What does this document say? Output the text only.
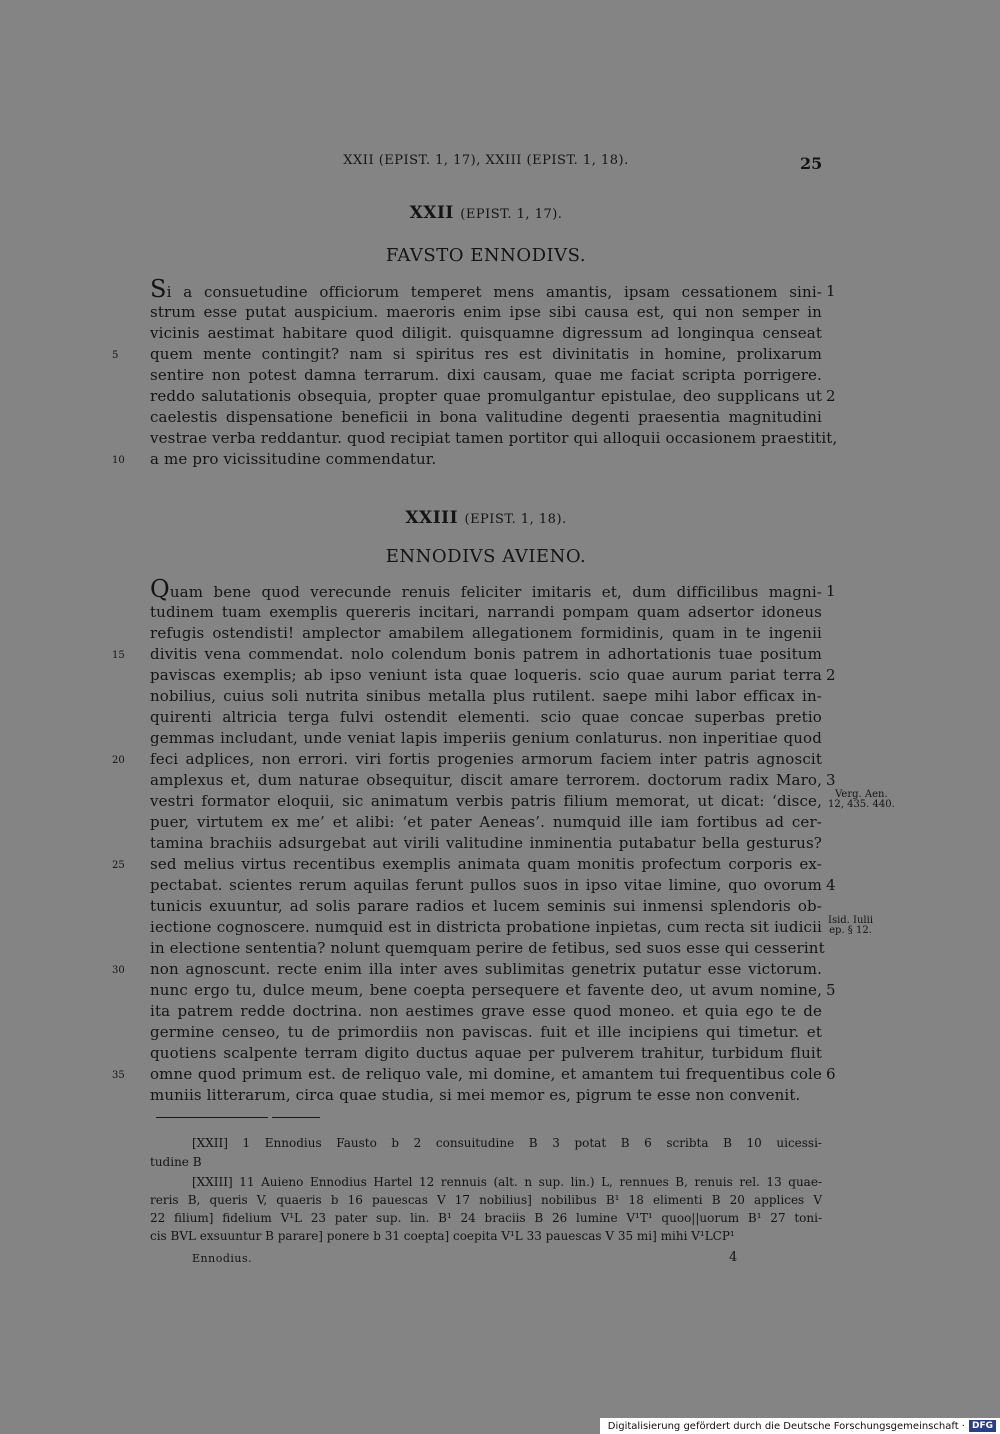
XXII (EPIST. 1, 17), XXIII (EPIST. 1, 18).	25
XXII (EPIST. 1, 17).
FAVSTO ENNODIVS.
Si a consuetudine officiorum temperet mens amantis, ipsam cessationem sini-
strum esse putat auspicium. maeroris enim ipse sibi causa est, qui non semper in
vicinis aestimat habitare quod diligit. quisquamne digressum ad longinqua censeat
quem mente contingit? nam si spiritus res est divinitatis in homine, prolixarum
sentire non potest damna terrarum. dixi causam, quae me faciat scripta porrigere.
reddo salutationis obsequia, propter quae promulgantur epistulae, deo supplicans ut
caelestis dispensatione beneficii in bona valitudine degenti praesentia magnitudini
vestrae verba reddantur. quod recipiat tamen portitor qui alloquii occasionem praestitit,
a me pro vicissitudine commendatur.
5
10
1
2
XXIII (EPIST. 1, 18).
ENNODIVS AVIENO.
Quam bene quod verecunde renuis feliciter imitaris et, dum difficilibus magni-
tudinem tuam exemplis quereris incitari, narrandi pompam quam adsertor idoneus
refugis ostendisti! amplector amabilem allegationem formidinis, quam in te ingenii
divitis vena commendat. nolo colendum bonis patrem in adhortationis tuae positum
paviscas exemplis; ab ipso veniunt ista quae loqueris. scio quae aurum pariat terra
nobilius, cuius soli nutrita sinibus metalla plus rutilent. saepe mihi labor efficax in-
quirenti altricia terga fulvi ostendit elementi. scio quae concae superbas pretio
gemmas includant, unde veniat lapis imperiis genium conlaturus. non inperitiae quod
feci adplices, non errori. viri fortis progenies armorum faciem inter patris agnoscit
amplexus et, dum naturae obsequitur, discit amare terrorem. doctorum radix Maro,
vestri formator eloquii, sic animatum verbis patris filium memorat, ut dicat: ‘disce,
puer, virtutem ex me’ et alibi: ‘et pater Aeneas’. numquid ille iam fortibus ad cer-
tamina brachiis adsurgebat aut virili valitudine inminentia putabatur bella gesturus?
sed melius virtus recentibus exemplis animata quam monitis profectum corporis ex-
pectabat. scientes rerum aquilas ferunt pullos suos in ipso vitae limine, quo ovorum
tunicis exuuntur, ad solis parare radios et lucem seminis sui inmensi splendoris ob-
iectione cognoscere. numquid est in districta probatione inpietas, cum recta sit iudicii
in electione sententia? nolunt quemquam perire de fetibus, sed suos esse qui cesserint
non agnoscunt. recte enim illa inter aves sublimitas genetrix putatur esse victorum.
nunc ergo tu, dulce meum, bene coepta persequere et favente deo, ut avum nomine,
ita patrem redde doctrina. non aestimes grave esse quod moneo. et quia ego te de
germine censeo, tu de primordiis non paviscas. fuit et ille incipiens qui timetur. et
quotiens scalpente terram digito ductus aquae per pulverem trahitur, turbidum fluit
omne quod primum est. de reliquo vale, mi domine, et amantem tui frequentibus cole
muniis litterarum, circa quae studia, si mei memor es, pigrum te esse non convenit.
15
20
25
30
35
1
2
3
4
5
6
Verg. Aen.
12, 435. 440.
Isid. Iulii
ep. § 12.
[XXII] 1 Ennodius Fausto b 2 consuitudine B 3 potat B 6 scribta B 10 uicessi-
tudine B
[XXIII] 11 Auieno Ennodius Hartel 12 rennuis (alt. n sup. lin.) L, rennues B, renuis rel. 13 quae-
reris B, queris V, quaeris b 16 pauescas V 17 nobilius] nobilibus B¹ 18 elimenti B 20 applices V
22 filium] fidelium V¹L 23 pater sup. lin. B¹ 24 braciis B 26 lumine V¹T¹ quoo||uorum B¹ 27 toni-
cis BVL exsuuntur B parare] ponere b 31 coepta] coepita V¹L 33 pauescas V 35 mi] mihi V¹LCP¹
Ennodius.	4
Digitalisierung gefördert durch die Deutsche Forschungsgemeinschaft · DFG
